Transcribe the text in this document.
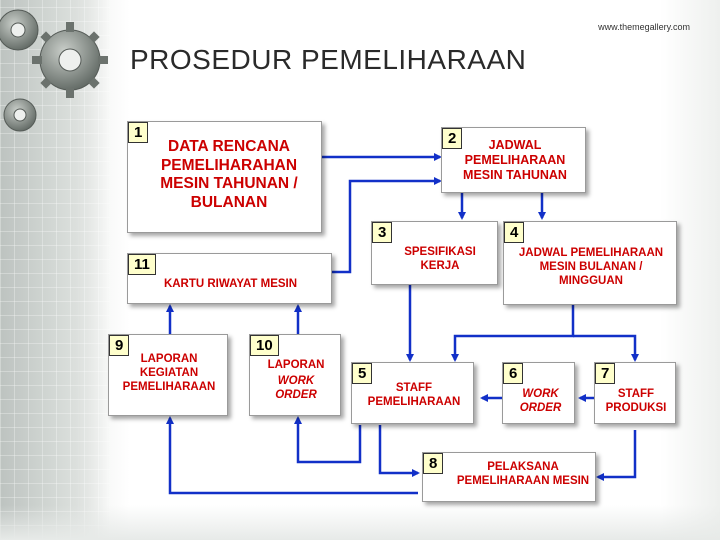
www.themegallery.com
PROSEDUR PEMELIHARAAN
1
DATA RENCANA PEMELIHARAHAN MESIN TAHUNAN / BULANAN
2	JADWAL PEMELIHARAAN MESIN TAHUNAN
3
SPESIFIKASI KERJA
4
JADWAL PEMELIHARAAN MESIN BULANAN / MINGGUAN
11
KARTU RIWAYAT MESIN
9
LAPORAN KEGIATAN PEMELIHARAAN
10
LAPORAN
WORK ORDER
5
STAFF PEMELIHARAAN
6
WORK ORDER
7
STAFF PRODUKSI
8	PELAKSANA PEMELIHARAAN MESIN
